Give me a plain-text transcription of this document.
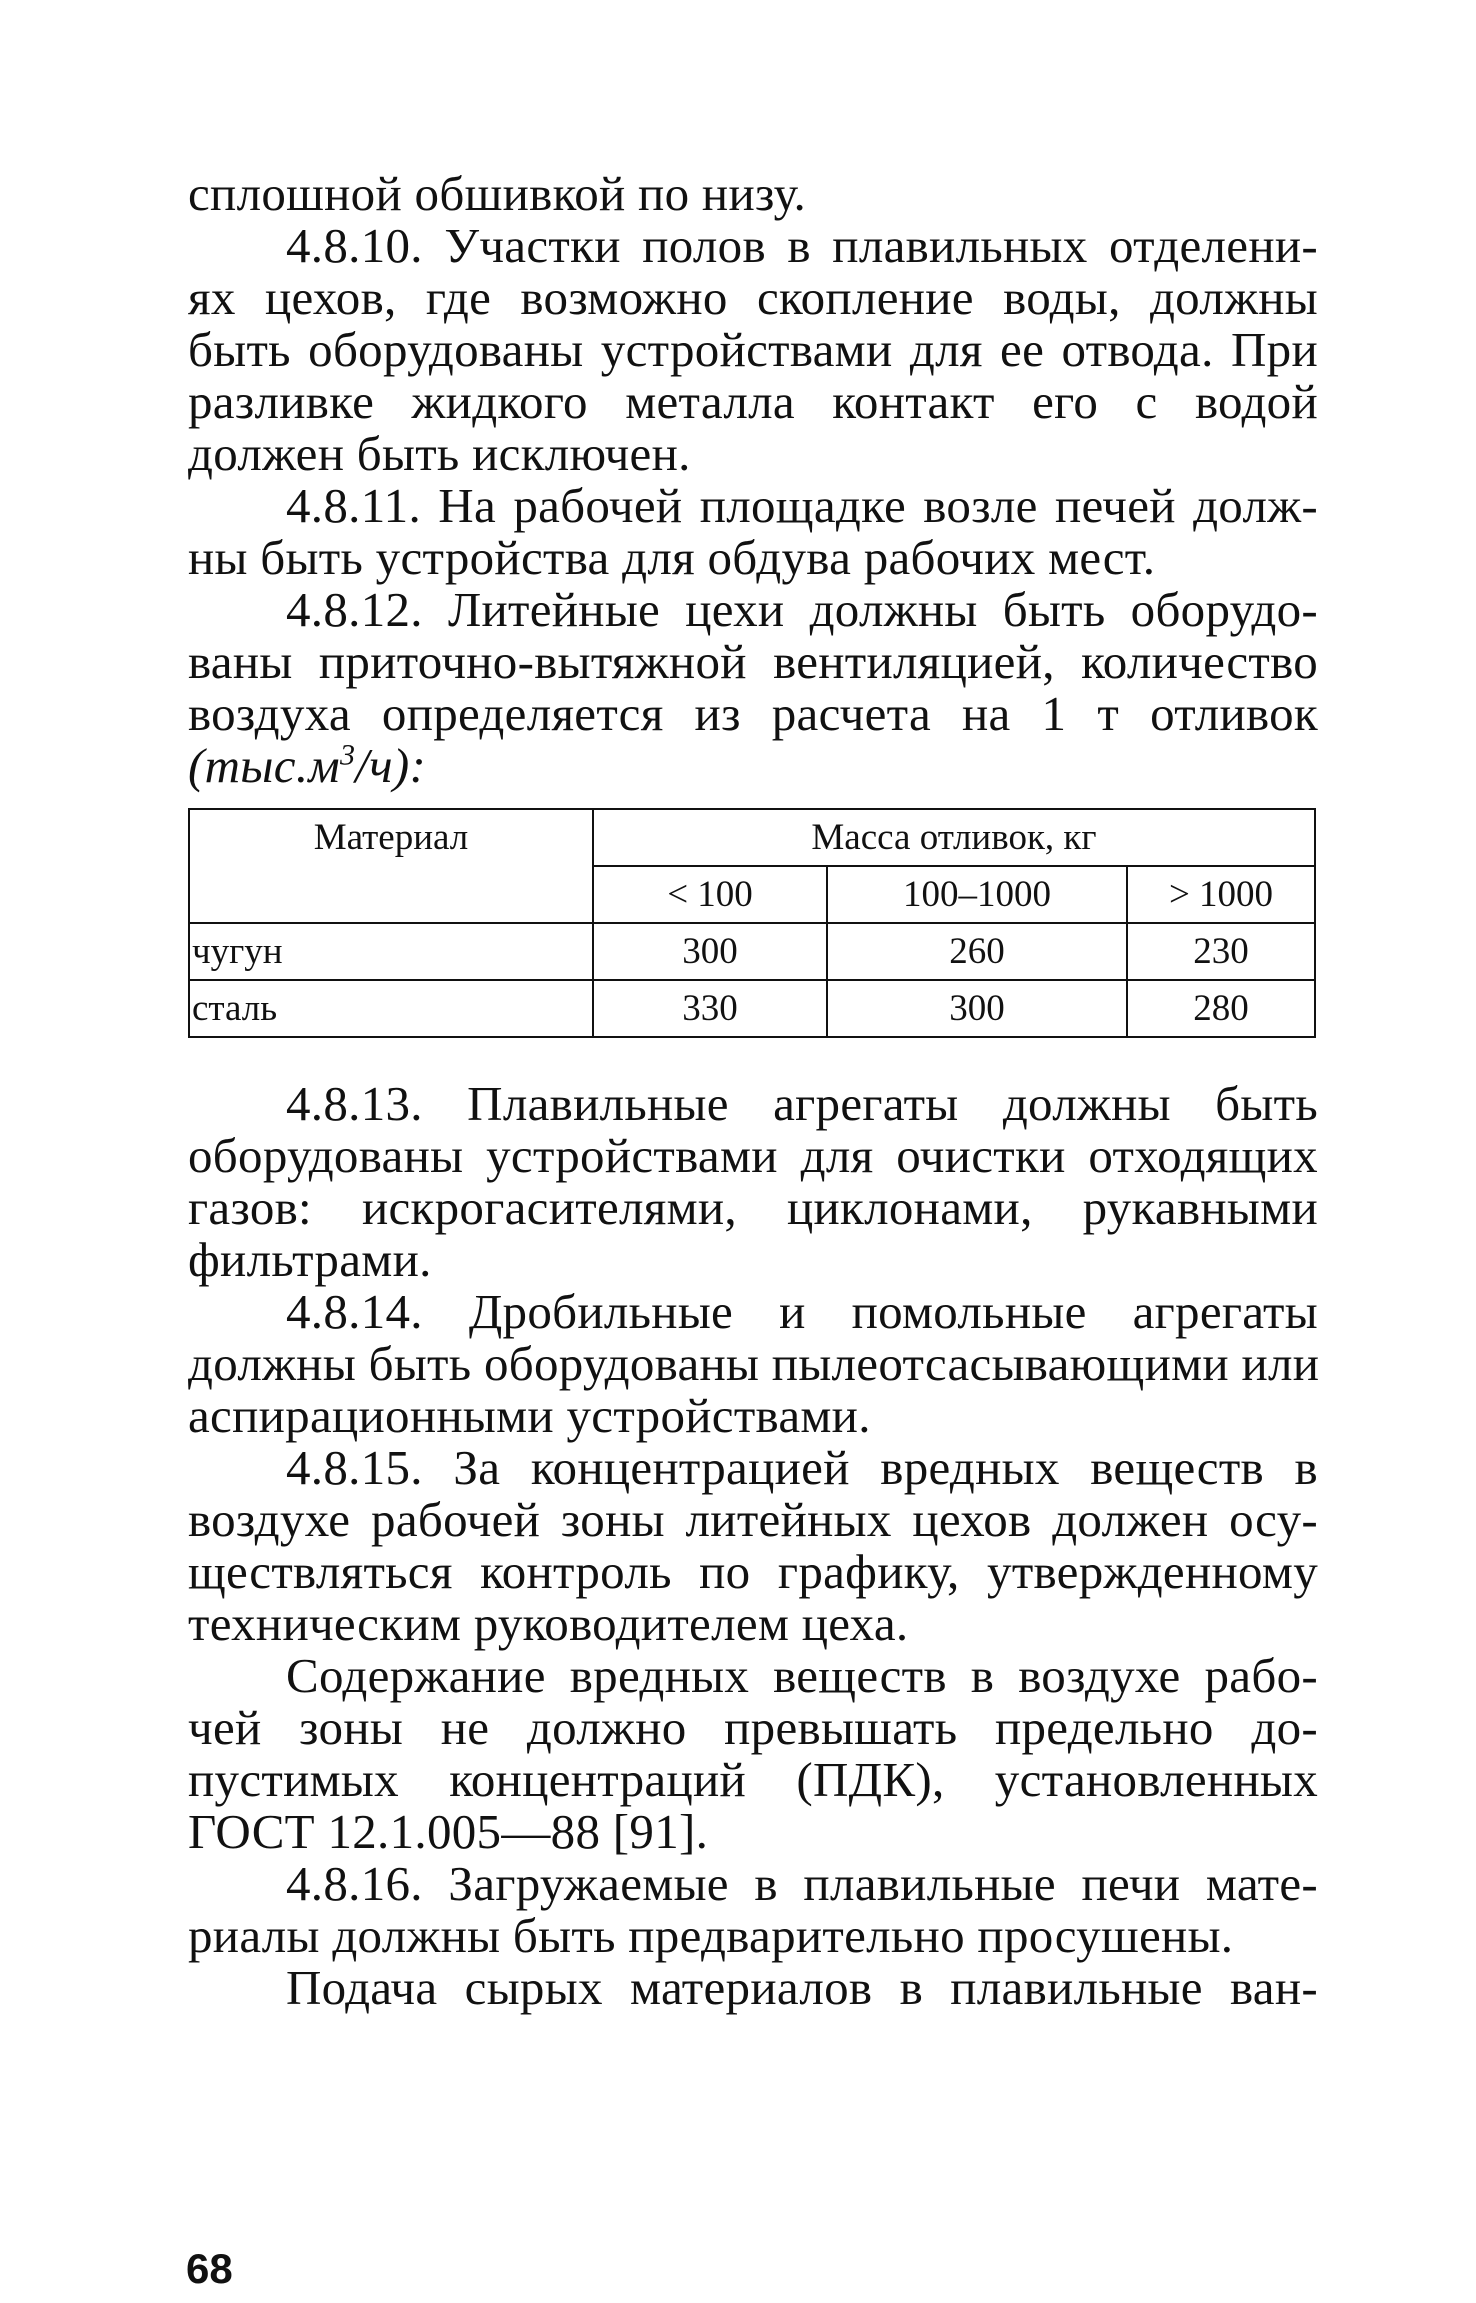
сплошной обшивкой по низу.
4.8.10. Участки полов в плавильных отделени-
ях цехов, где возможно скопление воды, должны
быть оборудованы устройствами для ее отвода. При
разливке жидкого металла контакт его с водой
должен быть исключен.
4.8.11. На рабочей площадке возле печей долж-
ны быть устройства для обдува рабочих мест.
4.8.12. Литейные цехи должны быть оборудо-
ваны приточно-вытяжной вентиляцией, количество
воздуха определяется из расчета на 1 т отливок
$(тыс.м^3/ч)$:
Материал	Масса отливок, кг		
	< 100	100–1000	> 1000
чугун	300	260	230
сталь	330	300	280
4.8.13. Плавильные агрегаты должны быть
оборудованы устройствами для очистки отходящих
газов: искрогасителями, циклонами, рукавными
фильтрами.
4.8.14. Дробильные и помольные агрегаты
должны быть оборудованы пылеотсасывающими или
аспирационными устройствами.
4.8.15. За концентрацией вредных веществ в
воздухе рабочей зоны литейных цехов должен осу-
ществляться контроль по графику, утвержденному
техническим руководителем цеха.
Содержание вредных веществ в воздухе рабо-
чей зоны не должно превышать предельно до-
пустимых концентраций (ПДК), установленных
ГОСТ 12.1.005—88 [91].
4.8.16. Загружаемые в плавильные печи мате-
риалы должны быть предварительно просушены.
Подача сырых материалов в плавильные ван-
68
